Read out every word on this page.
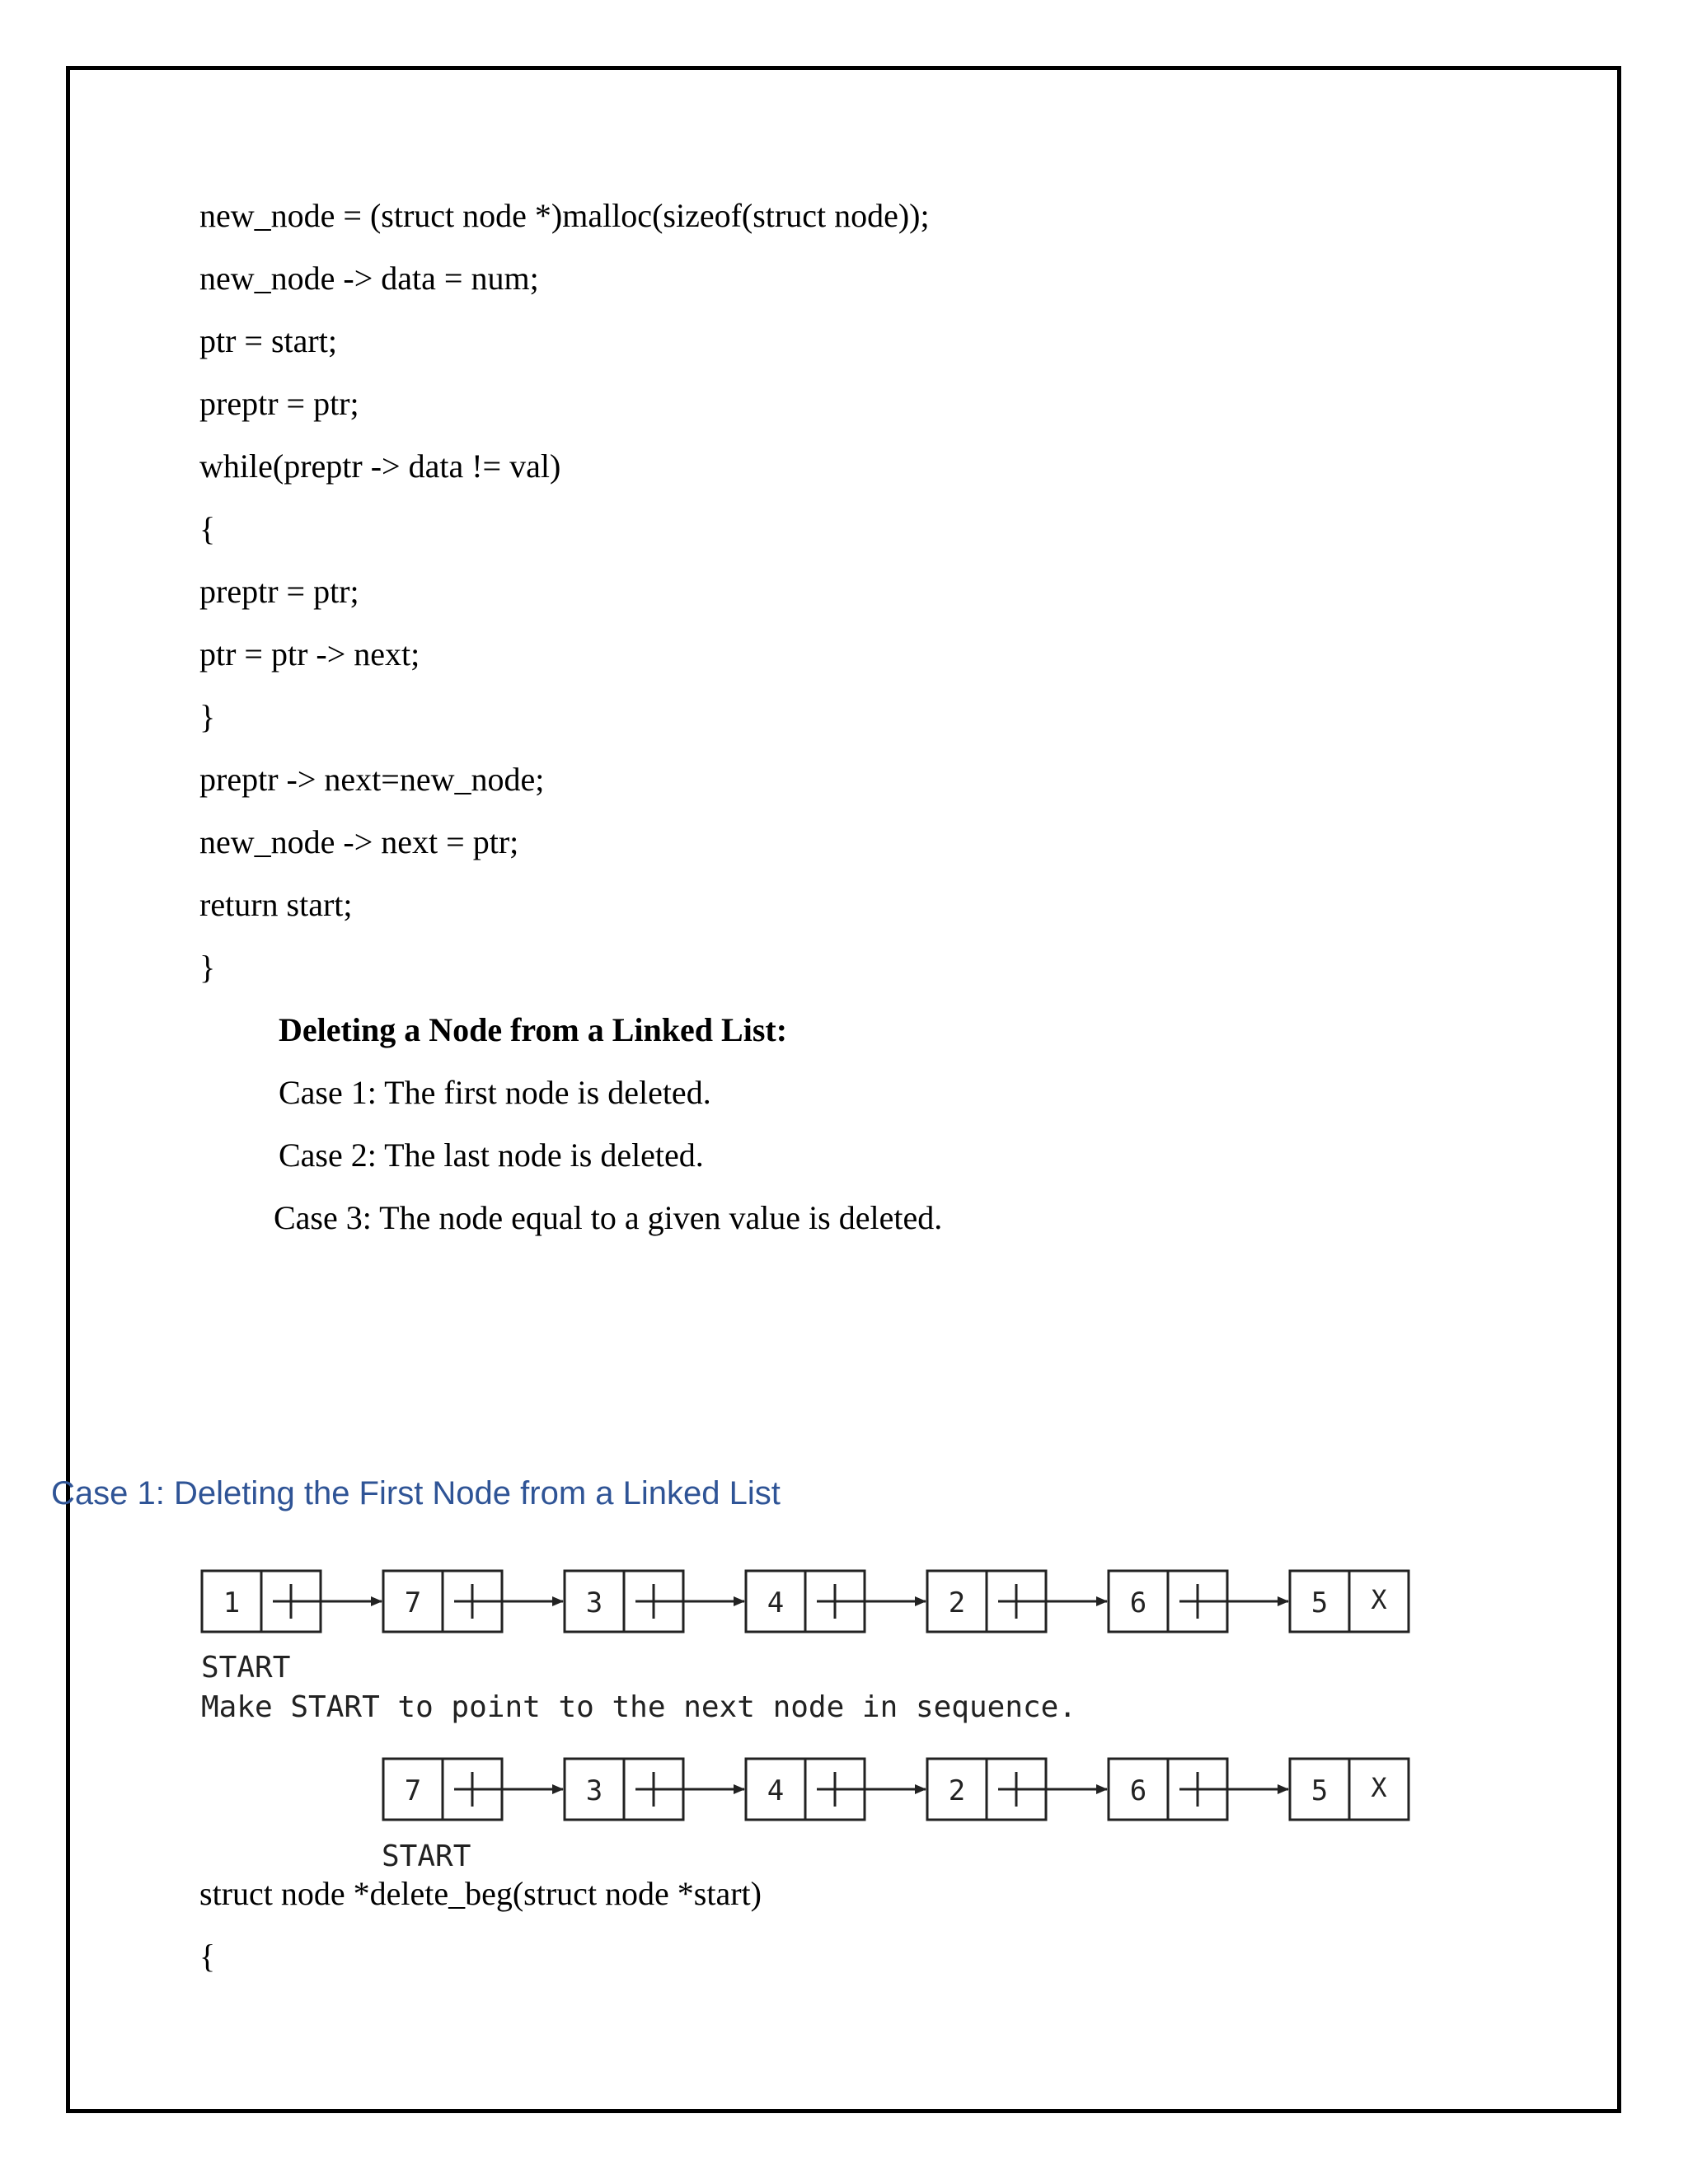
new_node = (struct node *)malloc(sizeof(struct node));
new_node -> data = num;
ptr = start;
preptr = ptr;
while(preptr -> data != val)
{
preptr = ptr;
ptr = ptr -> next;
}
preptr -> next=new_node;
new_node -> next = ptr;
return start;
}
Deleting a Node from a Linked List:
Case 1: The first node is deleted.
Case 2: The last node is deleted.
Case 3: The node equal to a given value is deleted.
Case 1: Deleting the First Node from a Linked List
1	7	3	4	2	6	5 X
7	3	4	2	6	5 X
START
Make START to point to the next node in sequence.
START
struct node *delete_beg(struct node *start)
{
